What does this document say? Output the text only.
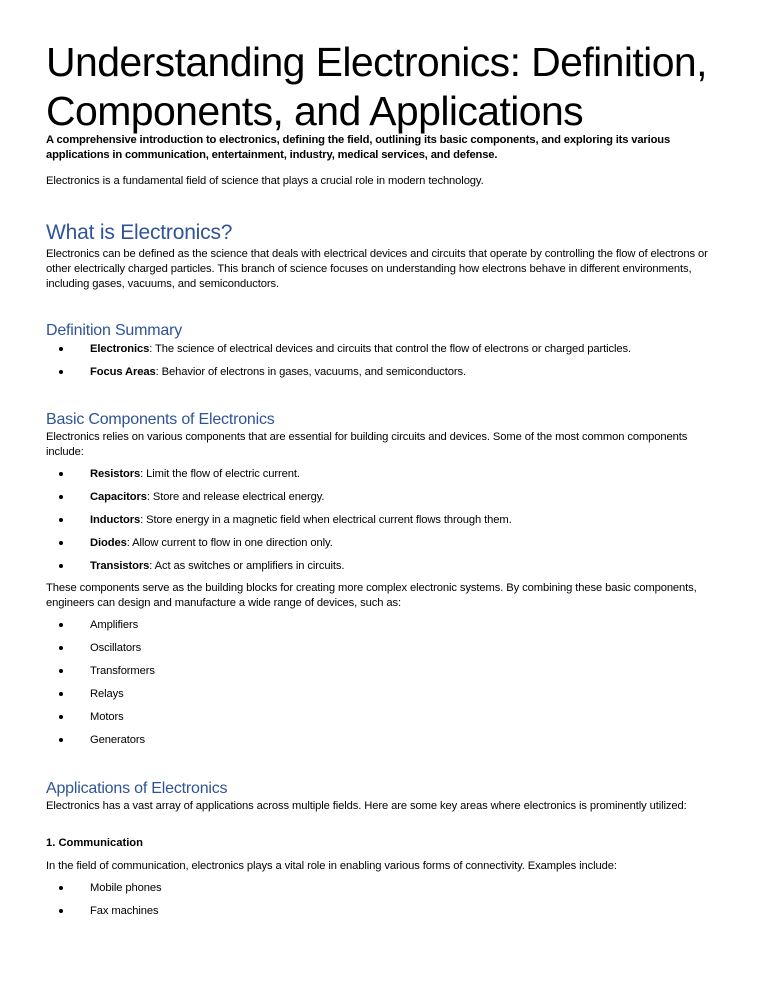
Understanding Electronics: Definition, Components, and Applications

A comprehensive introduction to electronics, defining the field, outlining its basic components, and exploring its various applications in communication, entertainment, industry, medical services, and defense.

Electronics is a fundamental field of science that plays a crucial role in modern technology.

What is Electronics?

Electronics can be defined as the science that deals with electrical devices and circuits that operate by controlling the flow of electrons or other electrically charged particles. This branch of science focuses on understanding how electrons behave in different environments, including gases, vacuums, and semiconductors.

Definition Summary
Electronics: The science of electrical devices and circuits that control the flow of electrons or charged particles.
Focus Areas: Behavior of electrons in gases, vacuums, and semiconductors.
Basic Components of Electronics

Electronics relies on various components that are essential for building circuits and devices. Some of the most common components include:

Resistors: Limit the flow of electric current.
Capacitors: Store and release electrical energy.
Inductors: Store energy in a magnetic field when electrical current flows through them.
Diodes: Allow current to flow in one direction only.
Transistors: Act as switches or amplifiers in circuits.

These components serve as the building blocks for creating more complex electronic systems. By combining these basic components, engineers can design and manufacture a wide range of devices, such as:

Amplifiers
Oscillators
Transformers
Relays
Motors
Generators
Applications of Electronics

Electronics has a vast array of applications across multiple fields. Here are some key areas where electronics is prominently utilized:

1. Communication

In the field of communication, electronics plays a vital role in enabling various forms of connectivity. Examples include:

Mobile phones
Fax machines
